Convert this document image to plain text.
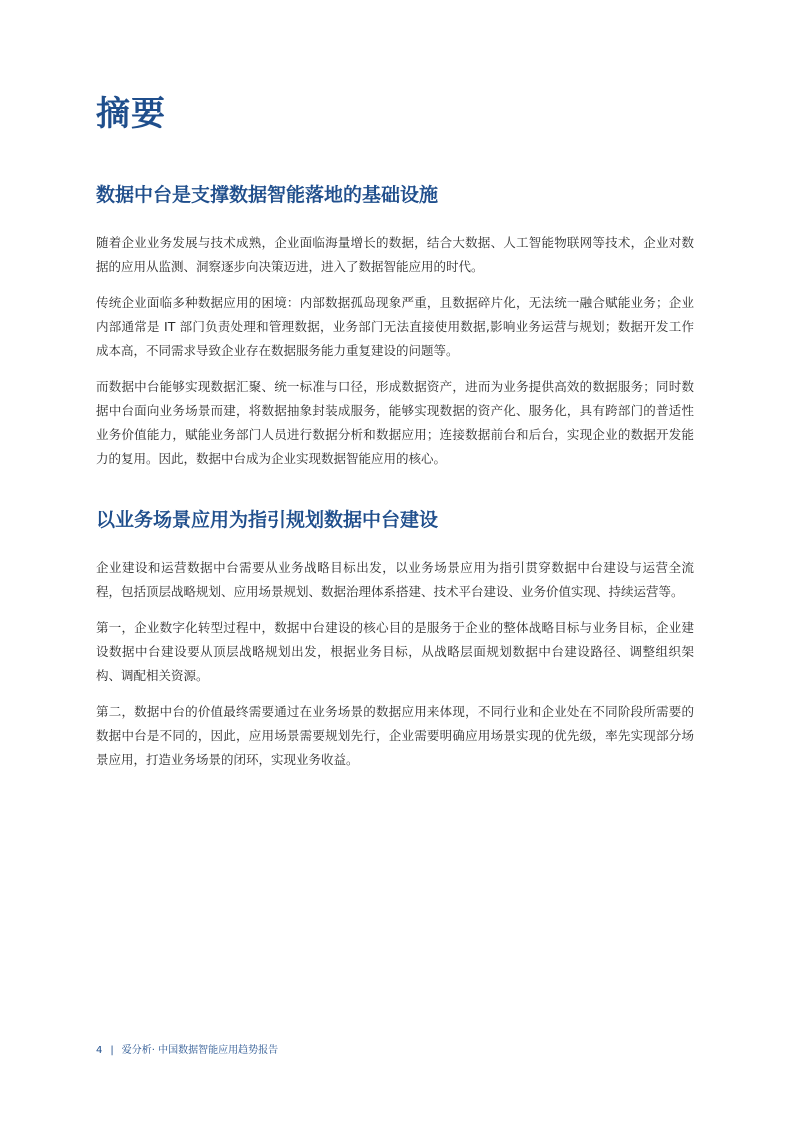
摘要
数据中台是支撑数据智能落地的基础设施

随着企业业务发展与技术成熟，企业面临海量增长的数据，结合大数据、人工智能物联网等技术，企业对数据的应用从监测、洞察逐步向决策迈进，进入了数据智能应用的时代。

传统企业面临多种数据应用的困境：内部数据孤岛现象严重，且数据碎片化，无法统一融合赋能业务；企业内部通常是 IT 部门负责处理和管理数据，业务部门无法直接使用数据,影响业务运营与规划；数据开发工作成本高，不同需求导致企业存在数据服务能力重复建设的问题等。

而数据中台能够实现数据汇聚、统一标准与口径，形成数据资产，进而为业务提供高效的数据服务；同时数据中台面向业务场景而建，将数据抽象封装成服务，能够实现数据的资产化、服务化，具有跨部门的普适性业务价值能力，赋能业务部门人员进行数据分析和数据应用；连接数据前台和后台，实现企业的数据开发能力的复用。因此，数据中台成为企业实现数据智能应用的核心。

以业务场景应用为指引规划数据中台建设

企业建设和运营数据中台需要从业务战略目标出发，以业务场景应用为指引贯穿数据中台建设与运营全流程，包括顶层战略规划、应用场景规划、数据治理体系搭建、技术平台建设、业务价值实现、持续运营等。

第一，企业数字化转型过程中，数据中台建设的核心目的是服务于企业的整体战略目标与业务目标，企业建设数据中台建设要从顶层战略规划出发，根据业务目标，从战略层面规划数据中台建设路径、调整组织架构、调配相关资源。

第二，数据中台的价值最终需要通过在业务场景的数据应用来体现，不同行业和企业处在不同阶段所需要的数据中台是不同的，因此，应用场景需要规划先行，企业需要明确应用场景实现的优先级，率先实现部分场景应用，打造业务场景的闭环，实现业务收益。

4 | 爱分析· 中国数据智能应用趋势报告
